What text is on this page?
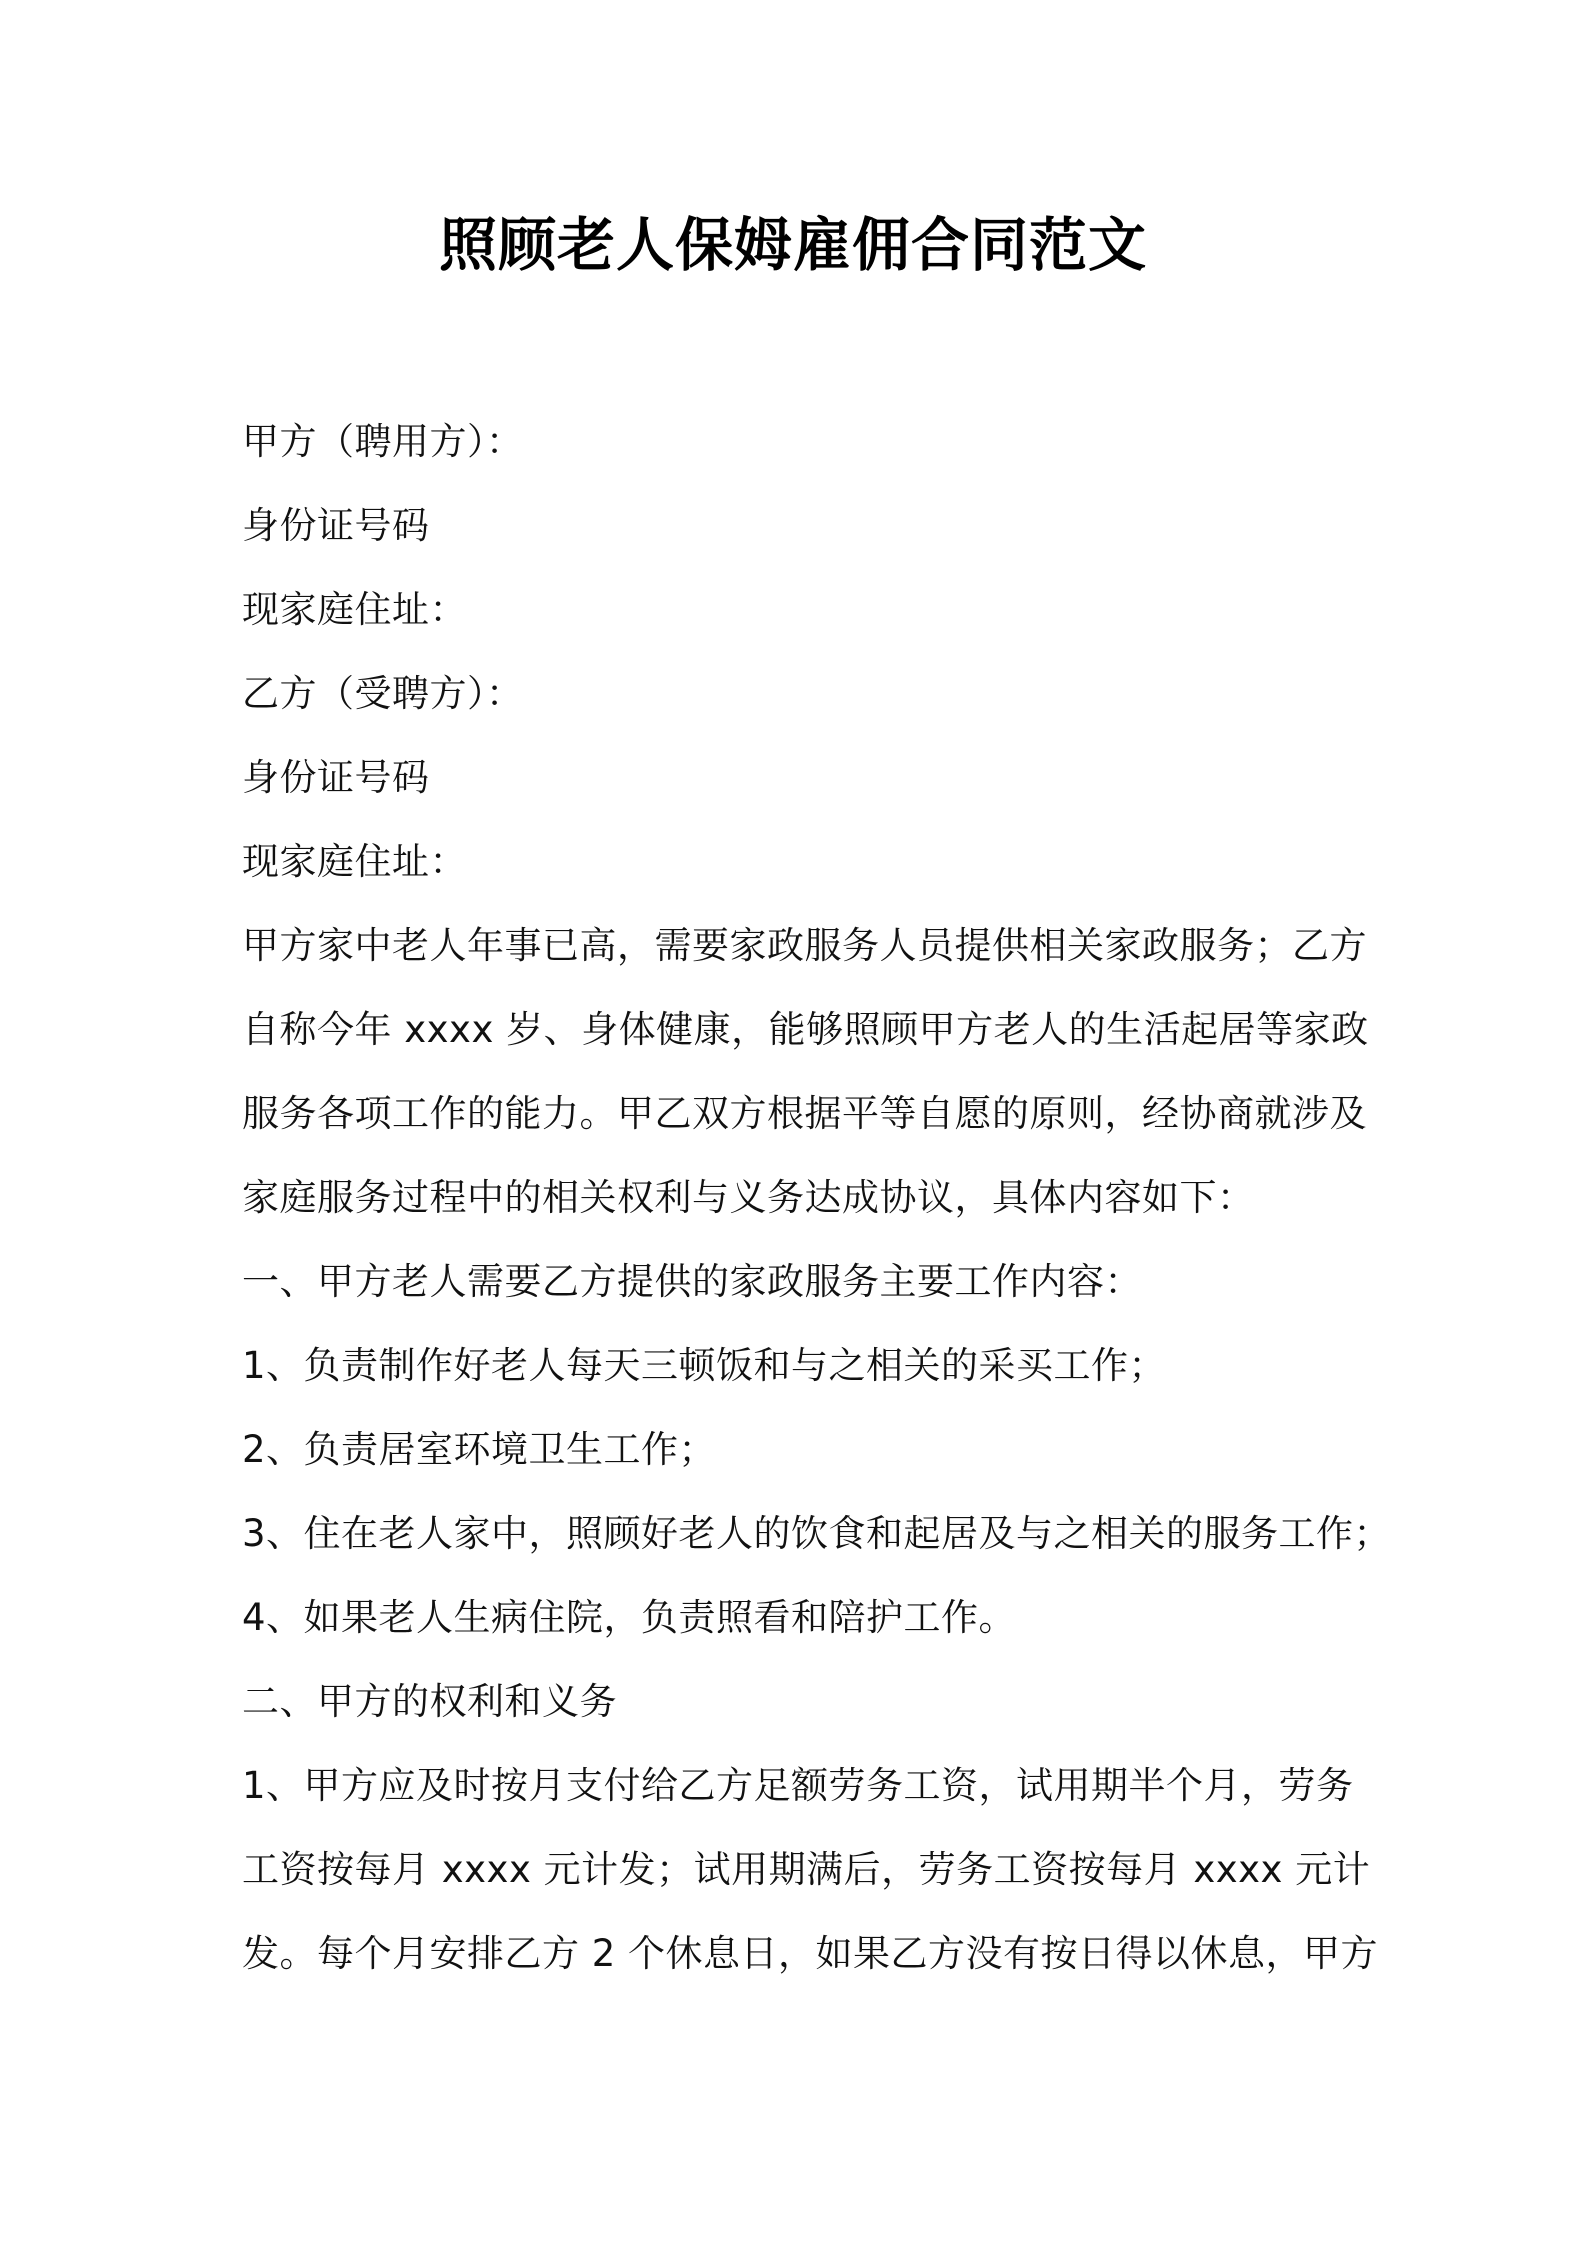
照顾老人保姆雇佣合同范文

甲方（聘用方）：

身份证号码

现家庭住址：

乙方（受聘方）：

身份证号码

现家庭住址：

甲方家中老人年事已高，需要家政服务人员提供相关家政服务；乙方

自称今年 xxxx 岁、身体健康，能够照顾甲方老人的生活起居等家政

服务各项工作的能力。甲乙双方根据平等自愿的原则，经协商就涉及

家庭服务过程中的相关权利与义务达成协议，具体内容如下：

一、甲方老人需要乙方提供的家政服务主要工作内容：

1、负责制作好老人每天三顿饭和与之相关的采买工作；

2、负责居室环境卫生工作；

3、住在老人家中，照顾好老人的饮食和起居及与之相关的服务工作；

4、如果老人生病住院，负责照看和陪护工作。

二、甲方的权利和义务

1、甲方应及时按月支付给乙方足额劳务工资，试用期半个月，劳务

工资按每月 xxxx 元计发；试用期满后，劳务工资按每月 xxxx 元计

发。每个月安排乙方 2 个休息日，如果乙方没有按日得以休息，甲方
